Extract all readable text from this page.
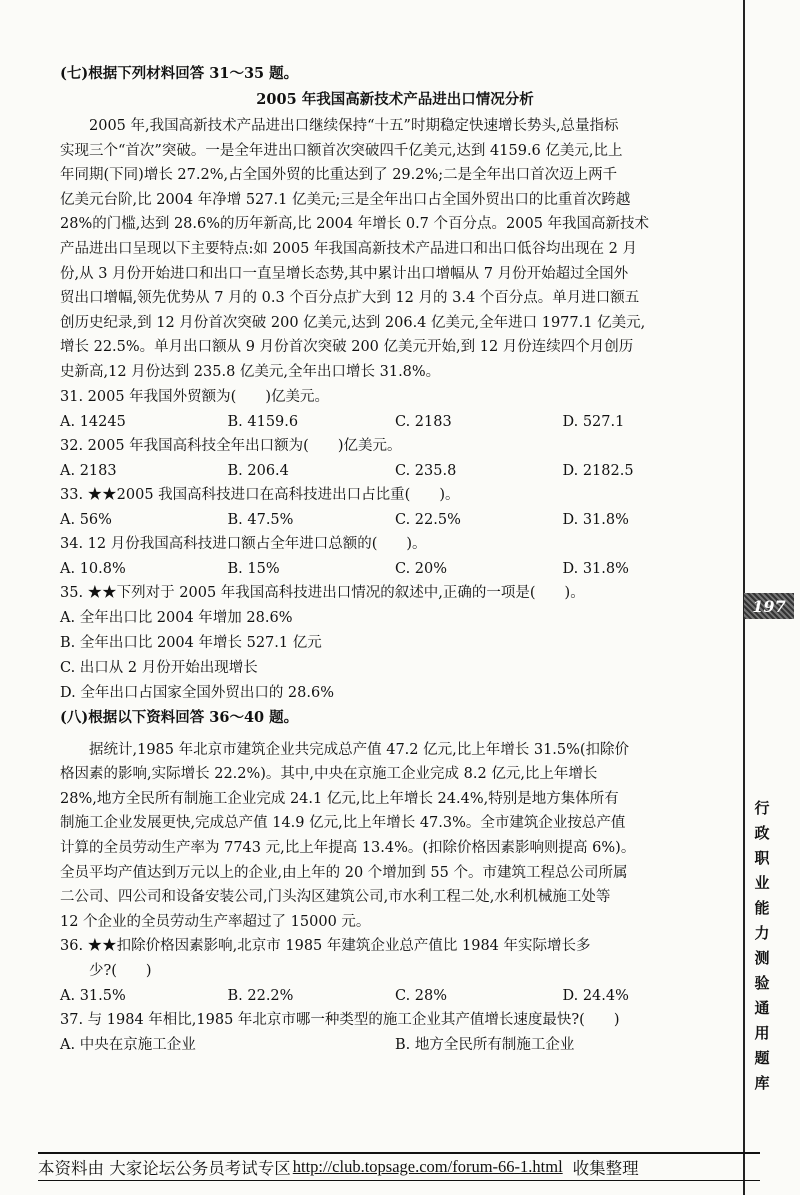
(七)根据下列材料回答 31～35 题。

2005 年我国高新技术产品进出口情况分析

　　2005 年,我国高新技术产品进出口继续保持“十五”时期稳定快速增长势头,总量指标
实现三个“首次”突破。一是全年进出口额首次突破四千亿美元,达到 4159.6 亿美元,比上
年同期(下同)增长 27.2%,占全国外贸的比重达到了 29.2%;二是全年出口首次迈上两千
亿美元台阶,比 2004 年净增 527.1 亿美元;三是全年出口占全国外贸出口的比重首次跨越
28%的门槛,达到 28.6%的历年新高,比 2004 年增长 0.7 个百分点。2005 年我国高新技术
产品进出口呈现以下主要特点:如 2005 年我国高新技术产品进口和出口低谷均出现在 2 月
份,从 3 月份开始进口和出口一直呈增长态势,其中累计出口增幅从 7 月份开始超过全国外
贸出口增幅,领先优势从 7 月的 0.3 个百分点扩大到 12 月的 3.4 个百分点。单月进口额五
创历史纪录,到 12 月份首次突破 200 亿美元,达到 206.4 亿美元,全年进口 1977.1 亿美元,
增长 22.5%。单月出口额从 9 月份首次突破 200 亿美元开始,到 12 月份连续四个月创历
史新高,12 月份达到 235.8 亿美元,全年出口增长 31.8%。

31. 2005 年我国外贸额为(　　)亿美元。

A. 14245	B. 4159.6	C. 2183	D. 527.1

32. 2005 年我国高科技全年出口额为(　　)亿美元。

A. 2183	B. 206.4	C. 235.8	D. 2182.5

33. ★★2005 我国高科技进口在高科技进出口占比重(　　)。

A. 56%	B. 47.5%	C. 22.5%	D. 31.8%

34. 12 月份我国高科技进口额占全年进口总额的(　　)。

A. 10.8%	B. 15%	C. 20%	D. 31.8%

35. ★★下列对于 2005 年我国高科技进出口情况的叙述中,正确的一项是(　　)。

A. 全年出口比 2004 年增加 28.6%
B. 全年出口比 2004 年增长 527.1 亿元
C. 出口从 2 月份开始出现增长
D. 全年出口占国家全国外贸出口的 28.6%

(八)根据以下资料回答 36～40 题。

　　据统计,1985 年北京市建筑企业共完成总产值 47.2 亿元,比上年增长 31.5%(扣除价
格因素的影响,实际增长 22.2%)。其中,中央在京施工企业完成 8.2 亿元,比上年增长
28%,地方全民所有制施工企业完成 24.1 亿元,比上年增长 24.4%,特别是地方集体所有
制施工企业发展更快,完成总产值 14.9 亿元,比上年增长 47.3%。全市建筑企业按总产值
计算的全员劳动生产率为 7743 元,比上年提高 13.4%。(扣除价格因素影响则提高 6%)。
全员平均产值达到万元以上的企业,由上年的 20 个增加到 55 个。市建筑工程总公司所属
二公司、四公司和设备安装公司,门头沟区建筑公司,市水利工程二处,水利机械施工处等
12 个企业的全员劳动生产率超过了 15000 元。

36. ★★扣除价格因素影响,北京市 1985 年建筑企业总产值比 1984 年实际增长多

　　少?(　　)

A. 31.5%	B. 22.2%	C. 28%	D. 24.4%

37. 与 1984 年相比,1985 年北京市哪一种类型的施工企业其产值增长速度最快?(　　)

A. 中央在京施工企业	B. 地方全民所有制施工企业
197
行
政
职
业
能
力
测
验
通
用
题
库
本资料由 大家论坛公务员考试专区 http://club.topsage.com/forum-66-1.html 收集整理
